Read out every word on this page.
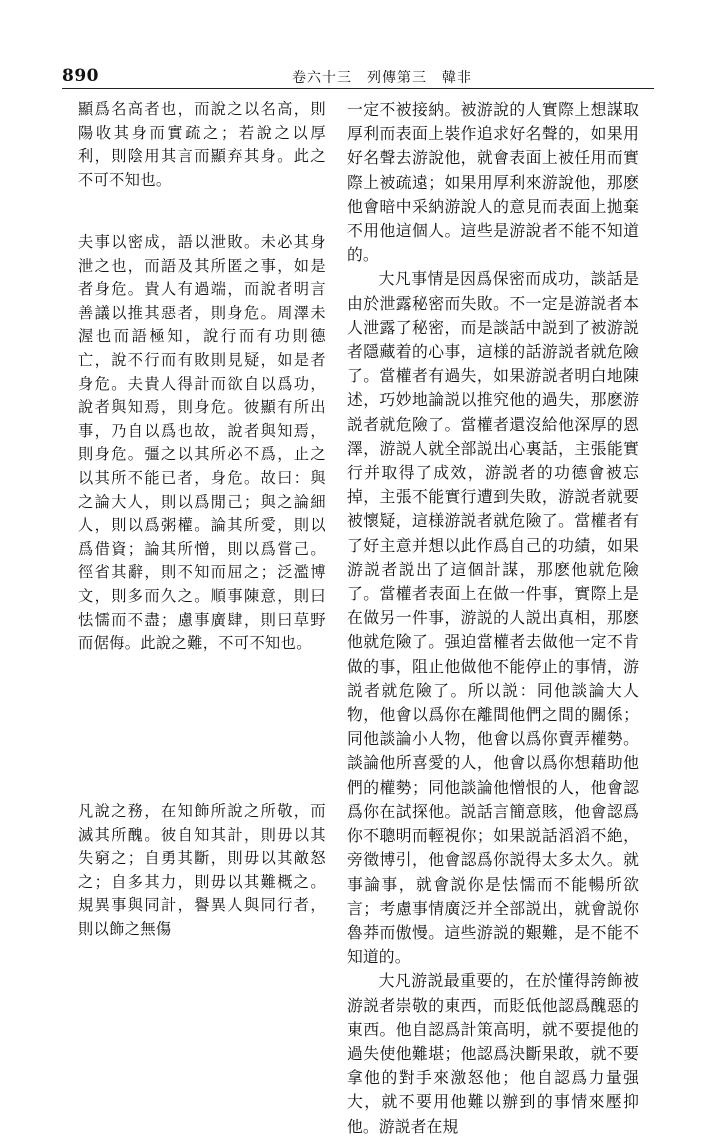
890	卷六十三　列傳第三　韓非

顯爲名高者也，而說之以名高，則陽收其身而實疏之；若說之以厚利，則陰用其言而顯弃其身。此之不可不知也。

夫事以密成，語以泄敗。未必其身泄之也，而語及其所匿之事，如是者身危。貴人有過端，而說者明言善議以推其惡者，則身危。周澤未渥也而語極知，說行而有功則德亡，說不行而有敗則見疑，如是者身危。夫貴人得計而欲自以爲功，說者與知焉，則身危。彼顯有所出事，乃自以爲也故，說者與知焉，則身危。彊之以其所必不爲，止之以其所不能已者，身危。故曰：與之論大人，則以爲閒己；與之論細人，則以爲粥權。論其所愛，則以爲借資；論其所憎，則以爲嘗己。徑省其辭，則不知而屈之；泛濫博文，則多而久之。順事陳意，則曰怯懦而不盡；慮事廣肆，則曰草野而倨侮。此說之難，不可不知也。

凡說之務，在知飾所說之所敬，而滅其所醜。彼自知其計，則毋以其失窮之；自勇其斷，則毋以其敵怒之；自多其力，則毋以其難概之。規異事與同計，譽異人與同行者，則以飾之無傷

一定不被接納。被游說的人實際上想謀取厚利而表面上裝作追求好名聲的，如果用好名聲去游說他，就會表面上被任用而實際上被疏遠；如果用厚利來游說他，那麽他會暗中采納游說人的意見而表面上拋棄不用他這個人。這些是游說者不能不知道的。

大凡事情是因爲保密而成功，談話是由於泄露秘密而失敗。不一定是游説者本人泄露了秘密，而是談話中説到了被游説者隱藏着的心事，這様的話游説者就危險了。當權者有過失，如果游説者明白地陳述，巧妙地論説以推究他的過失，那麽游説者就危險了。當權者還沒給他深厚的恩澤，游説人就全部説出心裏話，主張能實行并取得了成效，游説者的功德會被忘掉，主張不能實行遭到失敗，游説者就要被懷疑，這様游説者就危險了。當權者有了好主意并想以此作爲自己的功績，如果游説者説出了這個計謀，那麽他就危險了。當權者表面上在做一件事，實際上是在做另一件事，游説的人説出真相，那麽他就危險了。强迫當權者去做他一定不肯做的事，阻止他做他不能停止的事情，游説者就危險了。所以説：同他談論大人物，他會以爲你在離間他們之間的關係；同他談論小人物，他會以爲你賣弄權勢。談論他所喜愛的人，他會以爲你想藉助他們的權勢；同他談論他憎恨的人，他會認爲你在試探他。説話言簡意賅，他會認爲你不聰明而輕視你；如果説話滔滔不絶，旁徵博引，他會認爲你説得太多太久。就事論事，就會説你是怯懦而不能暢所欲言；考慮事情廣泛并全部説出，就會説你魯莽而傲慢。這些游説的艱難，是不能不知道的。

大凡游説最重要的，在於懂得誇飾被游説者崇敬的東西，而貶低他認爲醜惡的東西。他自認爲計策高明，就不要提他的過失使他難堪；他認爲決斷果敢，就不要拿他的對手來激怒他；他自認爲力量强大，就不要用他難以辦到的事情來壓抑他。游説者在規
